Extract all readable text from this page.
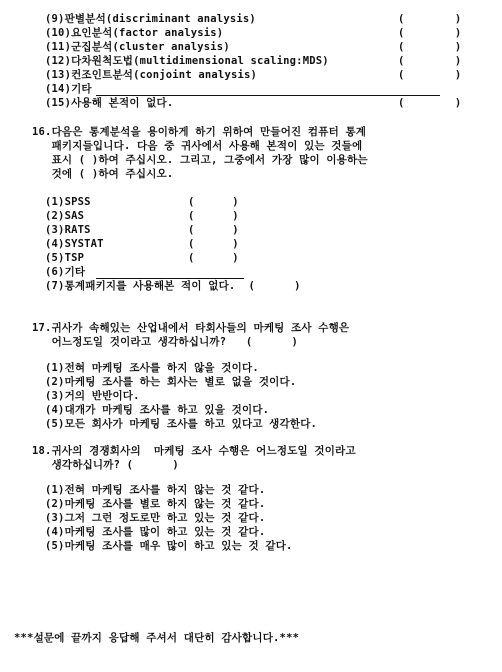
(9)판별분석(discriminant analysis)	(        )
(10)요인분석(factor analysis)	(        )
(11)군집분석(cluster analysis)	(        )
(12)다차원척도법(multidimensional scaling:MDS)	(        )
(13)컨조인트분석(conjoint analysis)	(        )
(14)기타
(15)사용해 본적이 없다.	(        )
16.다음은 통계분석을 용이하게 하기 위하여 만들어진 컴퓨터 통계
패키지들입니다. 다음 중 귀사에서 사용해 본적이 있는 것들에
표시 ( )하여 주십시오. 그리고, 그중에서 가장 많이 이용하는
것에 ( )하여 주십시오.
(1)SPSS	(      )
(2)SAS	(      )
(3)RATS	(      )
(4)SYSTAT	(      )
(5)TSP	(      )
(6)기타
(7)통계패키지를 사용해본 적이 없다.  (      )
17.귀사가 속해있는 산업내에서 타회사들의 마케팅 조사 수행은
어느정도일 것이라고 생각하십니까?   (      )
(1)전혀 마케팅 조사를 하지 않을 것이다.
(2)마케팅 조사를 하는 회사는 별로 없을 것이다.
(3)거의 반반이다.
(4)대개가 마케팅 조사를 하고 있을 것이다.
(5)모든 회사가 마케팅 조사를 하고 있다고 생각한다.
18.귀사의 경쟁회사의  마케팅 조사 수행은 어느정도일 것이라고
생각하십니까? (      )
(1)전혀 마케팅 조사를 하지 않는 것 같다.
(2)마케팅 조사를 별로 하지 않는 것 같다.
(3)그저 그런 정도로만 하고 있는 것 같다.
(4)마케팅 조사를 많이 하고 있는 것 같다.
(5)마케팅 조사를 매우 많이 하고 있는 것 같다.
***설문에 끝까지 응답해 주셔서 대단히 감사합니다.***
